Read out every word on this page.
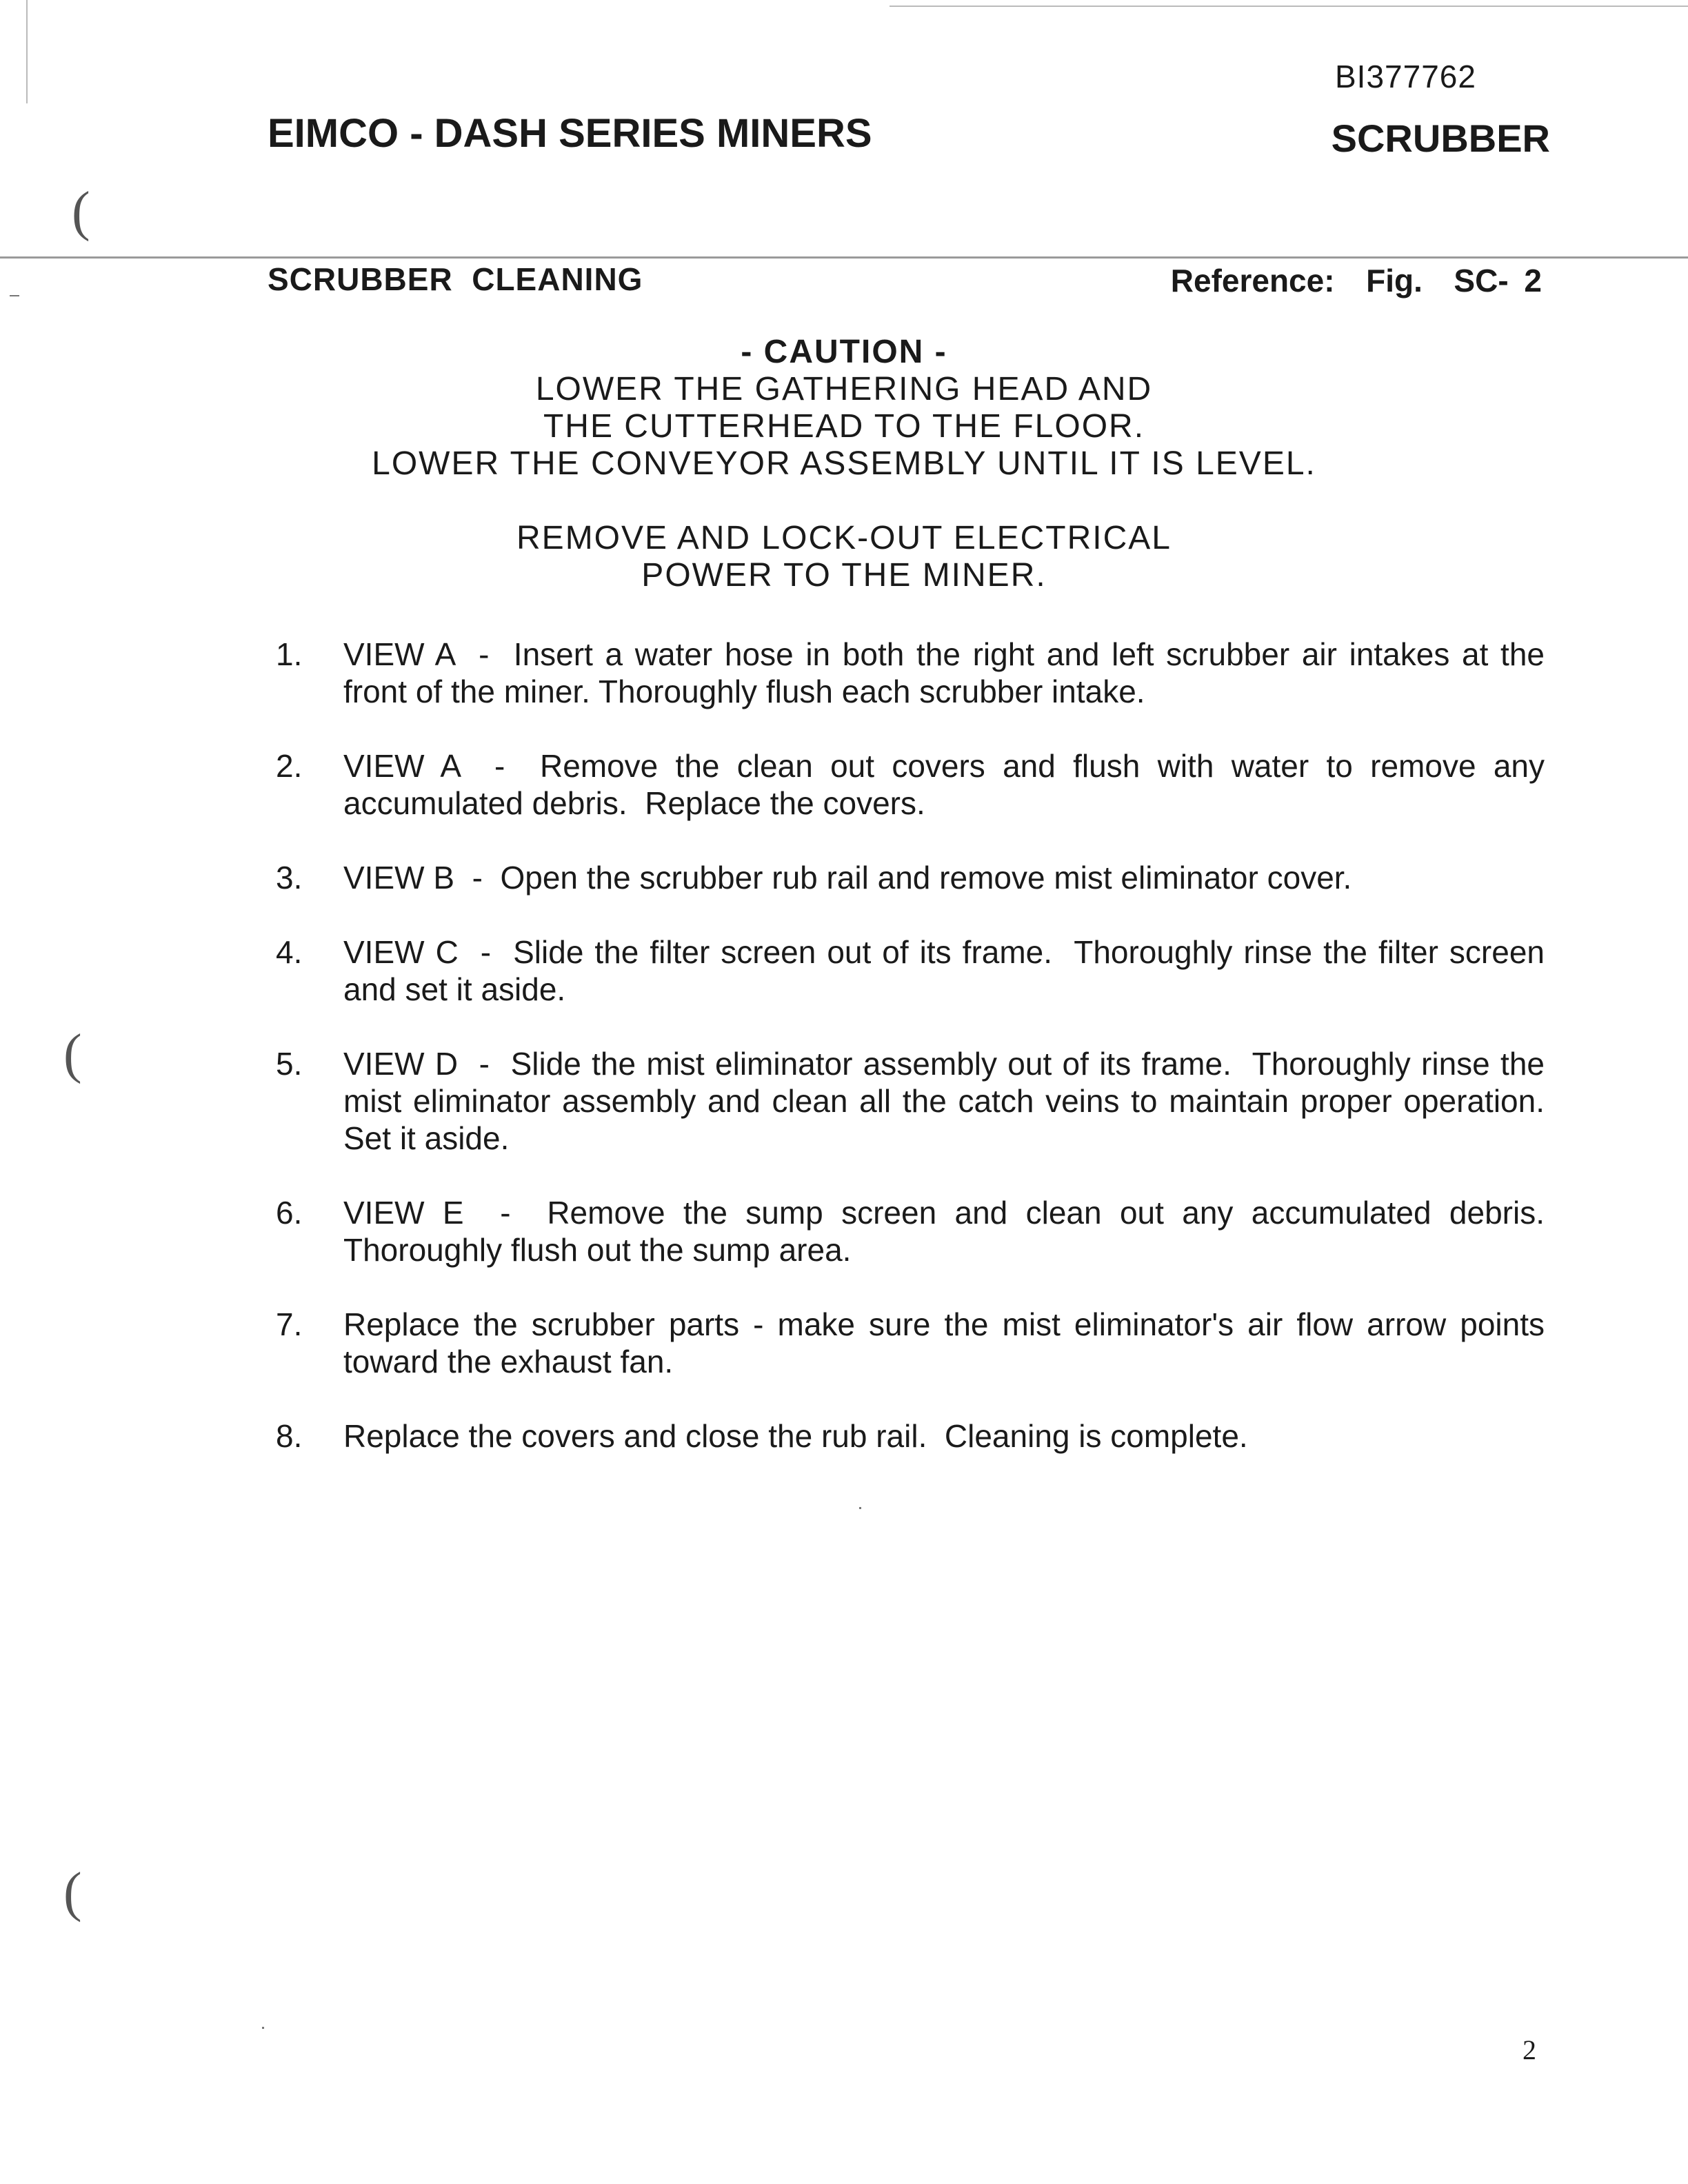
BI377762
EIMCO - DASH SERIES MINERS	SCRUBBER
SCRUBBER  CLEANING	Reference:  Fig.  SC- 2
- CAUTION -
LOWER THE GATHERING HEAD AND
THE CUTTERHEAD TO THE FLOOR.
LOWER THE CONVEYOR ASSEMBLY UNTIL IT IS LEVEL.
REMOVE AND LOCK-OUT ELECTRICAL
POWER TO THE MINER.
1. VIEW A  -  Insert a water hose in both the right and left scrubber air intakes at the front of the miner. Thoroughly flush each scrubber intake.
2. VIEW A  -  Remove the clean out covers and flush with water to remove any accumulated debris.  Replace the covers.
3. VIEW B  -  Open the scrubber rub rail and remove mist eliminator cover.
4. VIEW C  -  Slide the filter screen out of its frame.  Thoroughly rinse the filter screen and set it aside.
5. VIEW D  -  Slide the mist eliminator assembly out of its frame.  Thoroughly rinse the mist eliminator assembly and clean all the catch veins to maintain proper operation.  Set it aside.
6. VIEW E  -  Remove the sump screen and clean out any accumulated debris. Thoroughly flush out the sump area.
7. Replace the scrubber parts - make sure the mist eliminator's air flow arrow points toward the exhaust fan.
8. Replace the covers and close the rub rail.  Cleaning is complete.
2
(
(
(
